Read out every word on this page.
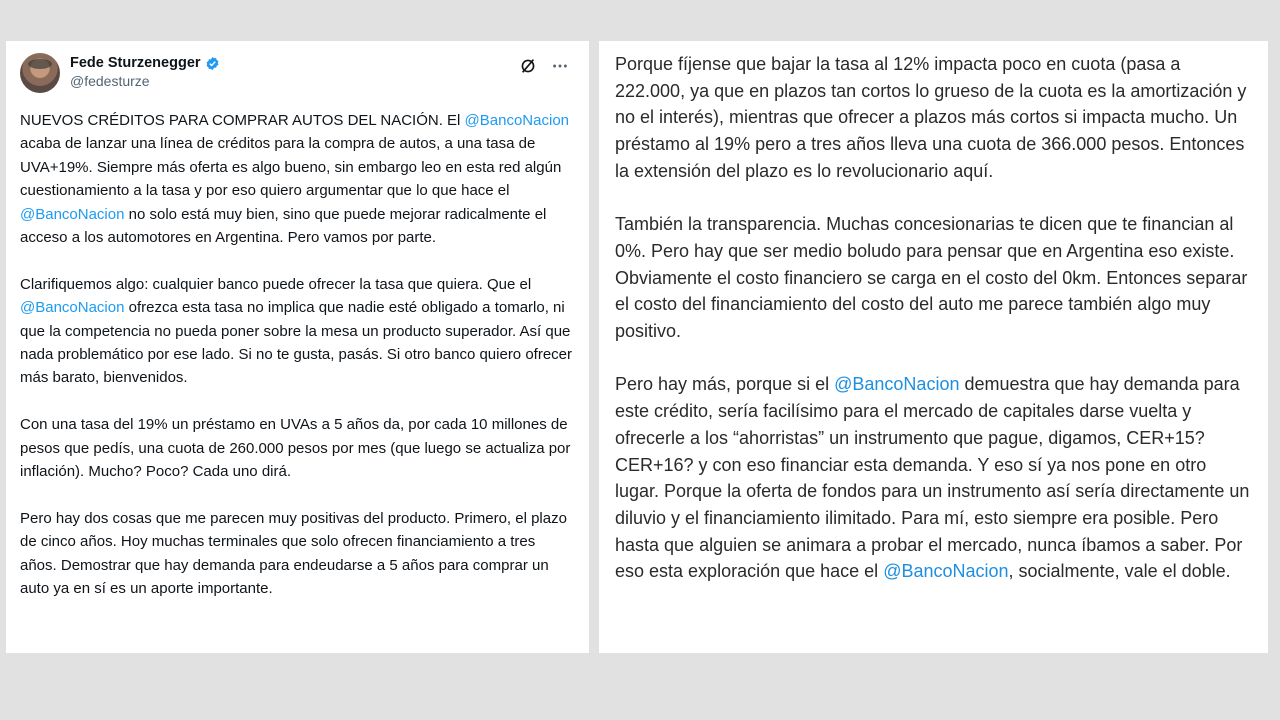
Fede Sturzenegger
@fedesturze
NUEVOS CRÉDITOS PARA COMPRAR AUTOS DEL NACIÓN. El @BancoNacion acaba de lanzar una línea de créditos para la compra de autos, a una tasa de UVA+19%. Siempre más oferta es algo bueno, sin embargo leo en esta red algún cuestionamiento a la tasa y por eso quiero argumentar que lo que hace el @BancoNacion no solo está muy bien, sino que puede mejorar radicalmente el acceso a los automotores en Argentina. Pero vamos por parte.
Clarifiquemos algo: cualquier banco puede ofrecer la tasa que quiera. Que el @BancoNacion ofrezca esta tasa no implica que nadie esté obligado a tomarlo, ni que la competencia no pueda poner sobre la mesa un producto superador. Así que nada problemático por ese lado. Si no te gusta, pasás. Si otro banco quiero ofrecer más barato, bienvenidos.
Con una tasa del 19% un préstamo en UVAs a 5 años da, por cada 10 millones de pesos que pedís, una cuota de 260.000 pesos por mes (que luego se actualiza por inflación). Mucho? Poco? Cada uno dirá.
Pero hay dos cosas que me parecen muy positivas del producto. Primero, el plazo de cinco años. Hoy muchas terminales que solo ofrecen financiamiento a tres años. Demostrar que hay demanda para endeudarse a 5 años para comprar un auto ya en sí es un aporte importante.
Porque fíjense que bajar la tasa al 12% impacta poco en cuota (pasa a 222.000, ya que en plazos tan cortos lo grueso de la cuota es la amortización y no el interés), mientras que ofrecer a plazos más cortos si impacta mucho. Un préstamo al 19% pero a tres años lleva una cuota de 366.000 pesos. Entonces la extensión del plazo es lo revolucionario aquí.
También la transparencia. Muchas concesionarias te dicen que te financian al 0%. Pero hay que ser medio boludo para pensar que en Argentina eso existe. Obviamente el costo financiero se carga en el costo del 0km. Entonces separar el costo del financiamiento del costo del auto me parece también algo muy positivo.
Pero hay más, porque si el @BancoNacion demuestra que hay demanda para este crédito, sería facilísimo para el mercado de capitales darse vuelta y ofrecerle a los “ahorristas” un instrumento que pague, digamos, CER+15? CER+16? y con eso financiar esta demanda. Y eso sí ya nos pone en otro lugar. Porque la oferta de fondos para un instrumento así sería directamente un diluvio y el financiamiento ilimitado. Para mí, esto siempre era posible. Pero hasta que alguien se animara a probar el mercado, nunca íbamos a saber. Por eso esta exploración que hace el @BancoNacion, socialmente, vale el doble.
